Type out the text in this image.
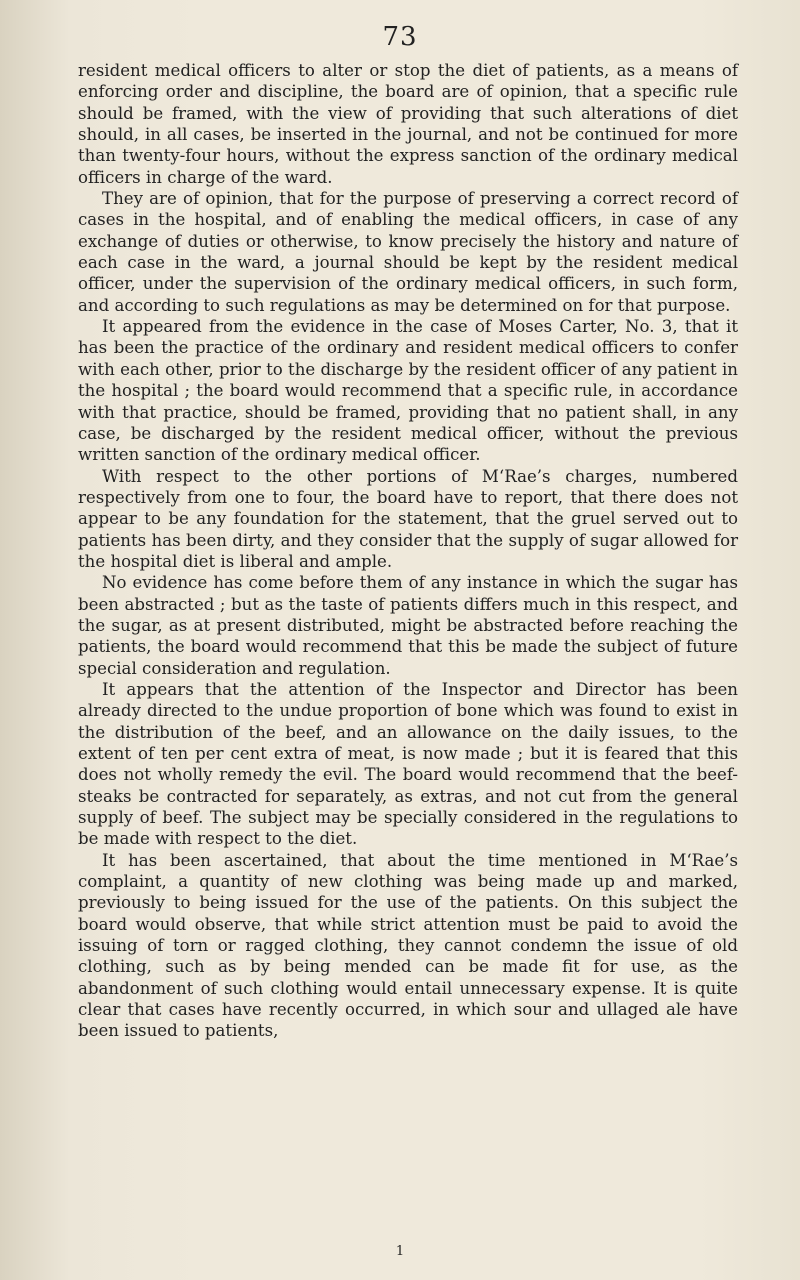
73

resident medical officers to alter or stop the diet of patients, as a means of enforcing order and discipline, the board are of opinion, that a specific rule should be framed, with the view of providing that such alterations of diet should, in all cases, be inserted in the journal, and not be continued for more than twenty-four hours, without the express sanction of the ordinary medical officers in charge of the ward.

They are of opinion, that for the purpose of preserving a correct record of cases in the hospital, and of enabling the medical officers, in case of any exchange of duties or otherwise, to know precisely the history and nature of each case in the ward, a journal should be kept by the resident medical officer, under the supervision of the ordinary medical officers, in such form, and according to such regulations as may be determined on for that purpose.

It appeared from the evidence in the case of Moses Carter, No. 3, that it has been the practice of the ordinary and resident medical officers to confer with each other, prior to the discharge by the resident officer of any patient in the hospital ; the board would recommend that a specific rule, in accordance with that practice, should be framed, providing that no patient shall, in any case, be discharged by the resident medical officer, without the previous written sanction of the ordinary medical officer.

With respect to the other portions of M‘Rae’s charges, numbered respectively from one to four, the board have to report, that there does not appear to be any foundation for the statement, that the gruel served out to patients has been dirty, and they consider that the supply of sugar allowed for the hospital diet is liberal and ample.

No evidence has come before them of any instance in which the sugar has been abstracted ; but as the taste of patients differs much in this respect, and the sugar, as at present distributed, might be abstracted before reaching the patients, the board would recommend that this be made the subject of future special consideration and regulation.

It appears that the attention of the Inspector and Director has been already directed to the undue proportion of bone which was found to exist in the distribution of the beef, and an allowance on the daily issues, to the extent of ten per cent extra of meat, is now made ; but it is feared that this does not wholly remedy the evil. The board would recommend that the beef-steaks be contracted for separately, as extras, and not cut from the general supply of beef. The subject may be specially considered in the regulations to be made with respect to the diet.

It has been ascertained, that about the time mentioned in M‘Rae’s complaint, a quantity of new clothing was being made up and marked, previously to being issued for the use of the patients. On this subject the board would observe, that while strict attention must be paid to avoid the issuing of torn or ragged clothing, they cannot condemn the issue of old clothing, such as by being mended can be made fit for use, as the abandonment of such clothing would entail unnecessary expense. It is quite clear that cases have recently occurred, in which sour and ullaged ale have been issued to patients,

1
